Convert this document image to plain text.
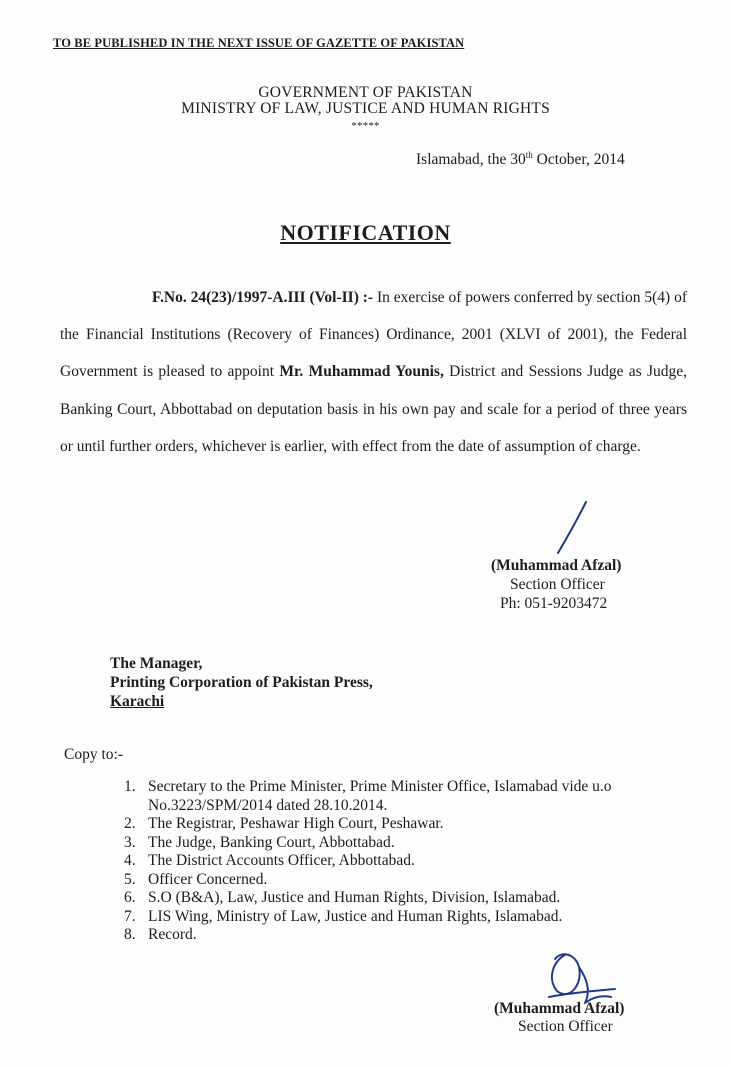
TO BE PUBLISHED IN THE NEXT ISSUE OF GAZETTE OF PAKISTAN
GOVERNMENT OF PAKISTAN
MINISTRY OF LAW, JUSTICE AND HUMAN RIGHTS
*****
Islamabad, the 30th October, 2014
NOTIFICATION
F.No. 24(23)/1997-A.III (Vol-II) :- In exercise of powers conferred by section 5(4) of the Financial Institutions (Recovery of Finances) Ordinance, 2001 (XLVI of 2001), the Federal Government is pleased to appoint Mr. Muhammad Younis, District and Sessions Judge as Judge, Banking Court, Abbottabad on deputation basis in his own pay and scale for a period of three years or until further orders, whichever is earlier, with effect from the date of assumption of charge.
(Muhammad Afzal)
Section Officer
Ph: 051-9203472
The Manager,
Printing Corporation of Pakistan Press,
Karachi
Copy to:-
1. Secretary to the Prime Minister, Prime Minister Office, Islamabad vide u.o No.3223/SPM/2014 dated 28.10.2014.
2. The Registrar, Peshawar High Court, Peshawar.
3. The Judge, Banking Court, Abbottabad.
4. The District Accounts Officer, Abbottabad.
5. Officer Concerned.
6. S.O (B&A), Law, Justice and Human Rights, Division, Islamabad.
7. LIS Wing, Ministry of Law, Justice and Human Rights, Islamabad.
8. Record.
(Muhammad Afzal)
Section Officer
